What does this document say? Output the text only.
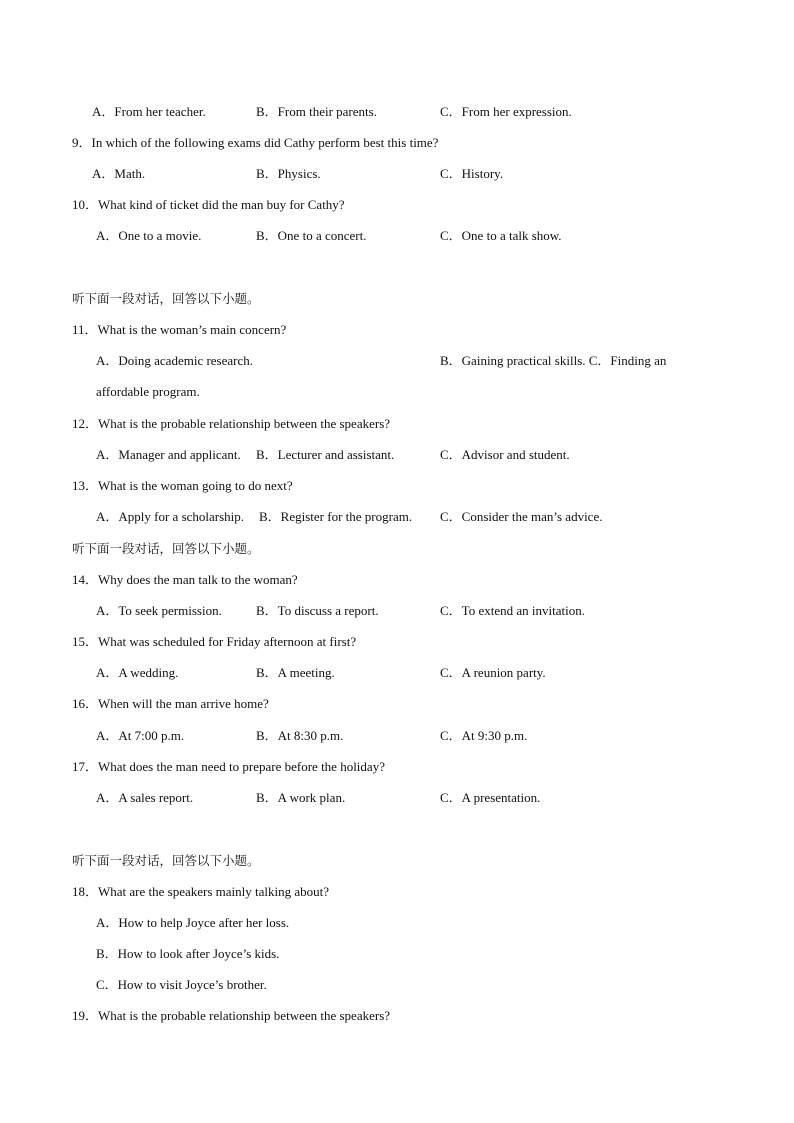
A．From her teacher.	B．From their parents.	C．From her expression.
9．In which of the following exams did Cathy perform best this time?
A．Math.	B．Physics.	C．History.
10．What kind of ticket did the man buy for Cathy?
A．One to a movie.	B．One to a concert.	C．One to a talk show.
听下面一段对话，回答以下小题。
11．What is the woman’s main concern?
A．Doing academic research.	B．Gaining practical skills. C．Finding an
affordable program.
12．What is the probable relationship between the speakers?
A．Manager and applicant. B．Lecturer and assistant.	C．Advisor and student.
13．What is the woman going to do next?
A．Apply for a scholarship. B．Register for the program. C．Consider the man’s advice.
听下面一段对话，回答以下小题。
14．Why does the man talk to the woman?
A．To seek permission.	B．To discuss a report.	C．To extend an invitation.
15．What was scheduled for Friday afternoon at first?
A．A wedding.	B．A meeting.	C．A reunion party.
16．When will the man arrive home?
A．At 7:00 p.m.	B．At 8:30 p.m.	C．At 9:30 p.m.
17．What does the man need to prepare before the holiday?
A．A sales report.	B．A work plan.	C．A presentation.
听下面一段对话，回答以下小题。
18．What are the speakers mainly talking about?
A．How to help Joyce after her loss.
B．How to look after Joyce’s kids.
C．How to visit Joyce’s brother.
19．What is the probable relationship between the speakers?
